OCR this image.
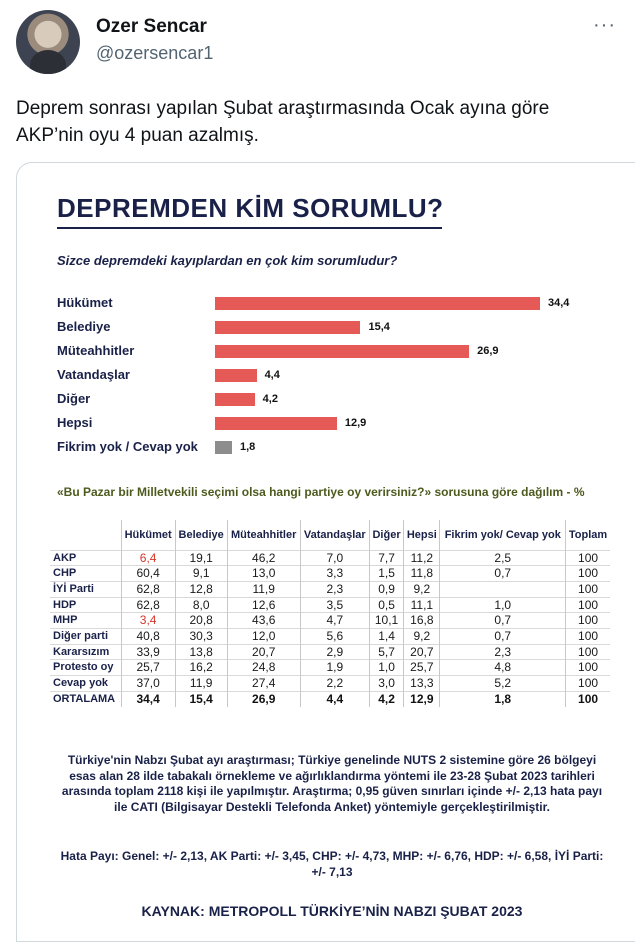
Ozer Sencar
@ozersencar1
···
Deprem sonrası yapılan Şubat araştırmasında Ocak ayına göre AKP’nin oyu 4 puan azalmış.
DEPREMDEN KİM SORUMLU?
Sizce depremdeki kayıplardan en çok kim sorumludur?
Hükümet	34,4
Belediye	15,4
Müteahhitler	26,9
Vatandaşlar	4,4
Diğer	4,2
Hepsi	12,9
Fikrim yok / Cevap yok	1,8
«Bu Pazar bir Milletvekili seçimi olsa hangi partiye oy verirsiniz?» sorusuna göre dağılım - %
	Hükümet	Belediye	Müteahhitler	Vatandaşlar	Diğer	Hepsi	Fikrim yok/ Cevap yok	Toplam
AKP	6,4	19,1	46,2	7,0	7,7	11,2	2,5	100
CHP	60,4	9,1	13,0	3,3	1,5	11,8	0,7	100
İYİ Parti	62,8	12,8	11,9	2,3	0,9	9,2		100
HDP	62,8	8,0	12,6	3,5	0,5	11,1	1,0	100
MHP	3,4	20,8	43,6	4,7	10,1	16,8	0,7	100
Diğer parti	40,8	30,3	12,0	5,6	1,4	9,2	0,7	100
Kararsızım	33,9	13,8	20,7	2,9	5,7	20,7	2,3	100
Protesto oy	25,7	16,2	24,8	1,9	1,0	25,7	4,8	100
Cevap yok	37,0	11,9	27,4	2,2	3,0	13,3	5,2	100
ORTALAMA	34,4	15,4	26,9	4,4	4,2	12,9	1,8	100
Türkiye'nin Nabzı Şubat ayı araştırması; Türkiye genelinde NUTS 2 sistemine göre 26 bölgeyi esas alan 28 ilde tabakalı örnekleme ve ağırlıklandırma yöntemi ile 23-28 Şubat 2023 tarihleri arasında toplam 2118 kişi ile yapılmıştır. Araştırma; 0,95 güven sınırları içinde +/- 2,13 hata payı ile CATI (Bilgisayar Destekli Telefonda Anket) yöntemiyle gerçekleştirilmiştir.
Hata Payı: Genel: +/- 2,13, AK Parti: +/- 3,45, CHP: +/- 4,73, MHP: +/- 6,76, HDP: +/- 6,58, İYİ Parti: +/- 7,13
KAYNAK: METROPOLL TÜRKİYE’NİN NABZI ŞUBAT 2023
